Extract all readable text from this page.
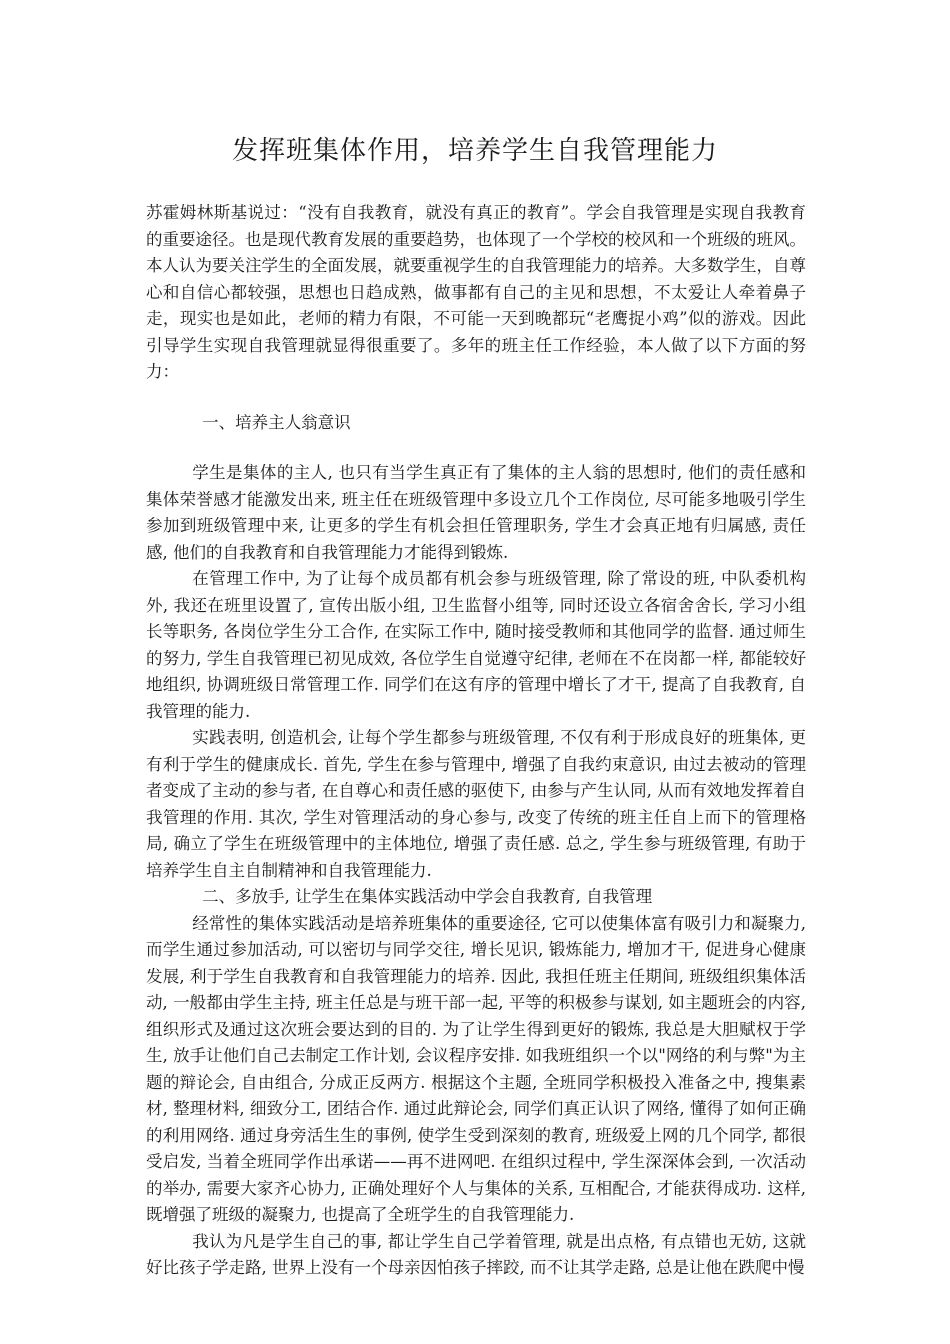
发挥班集体作用，培养学生自我管理能力

苏霍姆林斯基说过：“没有自我教育，就没有真正的教育”。学会自我管理是实现自我教育的重要途径。也是现代教育发展的重要趋势，也体现了一个学校的校风和一个班级的班风。本人认为要关注学生的全面发展，就要重视学生的自我管理能力的培养。大多数学生，自尊心和自信心都较强，思想也日趋成熟，做事都有自己的主见和思想，不太爱让人牵着鼻子走，现实也是如此，老师的精力有限，不可能一天到晚都玩“老鹰捉小鸡”似的游戏。因此引导学生实现自我管理就显得很重要了。多年的班主任工作经验，本人做了以下方面的努力：

一、培养主人翁意识

学生是集体的主人, 也只有当学生真正有了集体的主人翁的思想时, 他们的责任感和集体荣誉感才能激发出来, 班主任在班级管理中多设立几个工作岗位, 尽可能多地吸引学生参加到班级管理中来, 让更多的学生有机会担任管理职务, 学生才会真正地有归属感, 责任感, 他们的自我教育和自我管理能力才能得到锻炼.

在管理工作中, 为了让每个成员都有机会参与班级管理, 除了常设的班, 中队委机构外, 我还在班里设置了, 宣传出版小组, 卫生监督小组等, 同时还设立各宿舍舍长, 学习小组长等职务, 各岗位学生分工合作, 在实际工作中, 随时接受教师和其他同学的监督. 通过师生的努力, 学生自我管理已初见成效, 各位学生自觉遵守纪律, 老师在不在岗都一样, 都能较好地组织, 协调班级日常管理工作. 同学们在这有序的管理中增长了才干, 提高了自我教育, 自我管理的能力.

实践表明, 创造机会, 让每个学生都参与班级管理, 不仅有利于形成良好的班集体, 更有利于学生的健康成长. 首先, 学生在参与管理中, 增强了自我约束意识, 由过去被动的管理者变成了主动的参与者, 在自尊心和责任感的驱使下, 由参与产生认同, 从而有效地发挥着自我管理的作用. 其次, 学生对管理活动的身心参与, 改变了传统的班主任自上而下的管理格局, 确立了学生在班级管理中的主体地位, 增强了责任感. 总之, 学生参与班级管理, 有助于培养学生自主自制精神和自我管理能力.

二、多放手, 让学生在集体实践活动中学会自我教育, 自我管理

经常性的集体实践活动是培养班集体的重要途径, 它可以使集体富有吸引力和凝聚力, 而学生通过参加活动, 可以密切与同学交往, 增长见识, 锻炼能力, 增加才干, 促进身心健康发展, 利于学生自我教育和自我管理能力的培养. 因此, 我担任班主任期间, 班级组织集体活动, 一般都由学生主持, 班主任总是与班干部一起, 平等的积极参与谋划, 如主题班会的内容, 组织形式及通过这次班会要达到的目的. 为了让学生得到更好的锻炼, 我总是大胆赋权于学生, 放手让他们自己去制定工作计划, 会议程序安排. 如我班组织一个以"网络的利与弊"为主题的辩论会, 自由组合, 分成正反两方. 根据这个主题, 全班同学积极投入准备之中, 搜集素材, 整理材料, 细致分工, 团结合作. 通过此辩论会, 同学们真正认识了网络, 懂得了如何正确的利用网络. 通过身旁活生生的事例, 使学生受到深刻的教育, 班级爱上网的几个同学, 都很受启发, 当着全班同学作出承诺——再不进网吧. 在组织过程中, 学生深深体会到, 一次活动的举办, 需要大家齐心协力, 正确处理好个人与集体的关系, 互相配合, 才能获得成功. 这样, 既增强了班级的凝聚力, 也提高了全班学生的自我管理能力.

我认为凡是学生自己的事, 都让学生自己学着管理, 就是出点格, 有点错也无妨, 这就好比孩子学走路, 世界上没有一个母亲因怕孩子摔跤, 而不让其学走路, 总是让他在跌爬中慢
